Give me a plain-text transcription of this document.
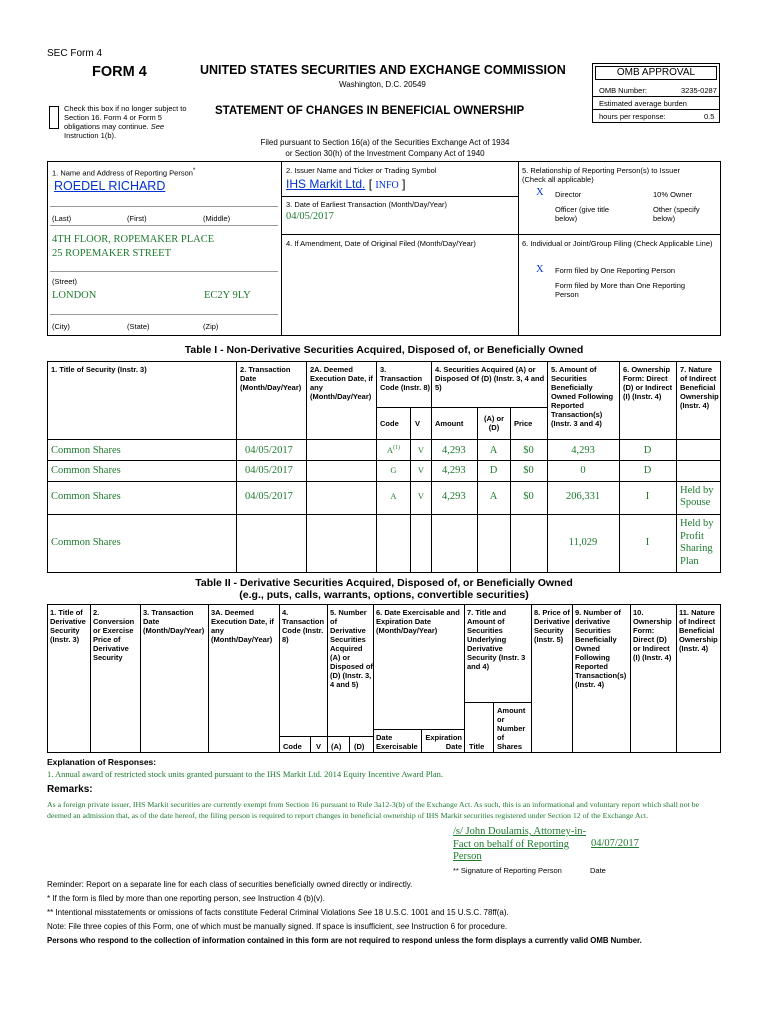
SEC Form 4
FORM 4	UNITED STATES SECURITIES AND EXCHANGE COMMISSION
Washington, D.C. 20549
Check this box if no longer subject to Section 16. Form 4 or Form 5 obligations may continue. See Instruction 1(b).
STATEMENT OF CHANGES IN BENEFICIAL OWNERSHIP
Filed pursuant to Section 16(a) of the Securities Exchange Act of 1934
or Section 30(h) of the Investment Company Act of 1940
OMB APPROVAL
OMB Number:	3235-0287
Estimated average burden
hours per response:	0.5
1. Name and Address of Reporting Person*
ROEDEL RICHARD
(Last)	(First)	(Middle)
4TH FLOOR, ROPEMAKER PLACE
25 ROPEMAKER STREET
(Street)
LONDON	EC2Y 9LY
(City)	(State)	(Zip)
2. Issuer Name and Ticker or Trading Symbol
IHS Markit Ltd. [ INFO ]
3. Date of Earliest Transaction (Month/Day/Year)
04/05/2017
4. If Amendment, Date of Original Filed (Month/Day/Year)
5. Relationship of Reporting Person(s) to Issuer
(Check all applicable)
X Director	10% Owner
Officer (give title below)
Other (specify below)
6. Individual or Joint/Group Filing (Check Applicable Line)
X Form filed by One Reporting Person
Form filed by More than One Reporting Person
Table I - Non-Derivative Securities Acquired, Disposed of, or Beneficially Owned
1. Title of Security (Instr. 3)	2. Transaction Date (Month/Day/Year)
2A. Deemed Execution Date, if any (Month/Day/Year)
3. Transaction Code (Instr. 8)
4. Securities Acquired (A) or Disposed Of (D) (Instr. 3, 4 and 5)
5. Amount of Securities Beneficially Owned Following Reported Transaction(s) (Instr. 3 and 4)
6. Ownership Form: Direct (D) or Indirect (I) (Instr. 4)
7. Nature of Indirect Beneficial Ownership (Instr. 4)
Code V Amount
(A) or (D)	Price
Common Shares	04/05/2017	$A^{(1)}$	V	4,293	A	$0	4,293	D
Common Shares	04/05/2017	G	V	4,293	D	$0	0	D
Common Shares	04/05/2017	A	V	4,293	A	$0	206,331	I
Held by Spouse
Common Shares	11,029	I
Held by Profit Sharing Plan
Table II - Derivative Securities Acquired, Disposed of, or Beneficially Owned
(e.g., puts, calls, warrants, options, convertible securities)
1. Title of Derivative Security (Instr. 3)
2. Conversion or Exercise Price of Derivative Security
3. Transaction Date (Month/Day/Year)
3A. Deemed Execution Date, if any (Month/Day/Year)
4. Transaction Code (Instr. 8)
5. Number of Derivative Securities Acquired (A) or Disposed of (D) (Instr. 3, 4 and 5)
6. Date Exercisable and Expiration Date (Month/Day/Year)
7. Title and Amount of Securities Underlying Derivative Security (Instr. 3 and 4)
8. Price of Derivative Security (Instr. 5)
9. Number of derivative Securities Beneficially Owned Following Reported Transaction(s) (Instr. 4)
10. Ownership Form: Direct (D) or Indirect (I) (Instr. 4)
11. Nature of Indirect Beneficial Ownership (Instr. 4)
Code V (A) (D)
Date Exercisable
Expiration Date Title
Amount or Number of Shares
Explanation of Responses:
1. Annual award of restricted stock units granted pursuant to the IHS Markit Ltd. 2014 Equity Incentive Award Plan.
Remarks:
As a foreign private issuer, IHS Markit securities are currently exempt from Section 16 pursuant to Rule 3a12-3(b) of the Exchange Act. As such, this is an informational and voluntary report which shall not be deemed an admission that, as of the date hereof, the filing person is required to report changes in beneficial ownership of IHS Markit securities registered under Section 12 of the Exchange Act.
/s/ John Doulamis, Attorney-in-Fact on behalf of Reporting Person
04/07/2017
** Signature of Reporting Person	Date
Reminder: Report on a separate line for each class of securities beneficially owned directly or indirectly.
* If the form is filed by more than one reporting person, see Instruction 4 (b)(v).
** Intentional misstatements or omissions of facts constitute Federal Criminal Violations See 18 U.S.C. 1001 and 15 U.S.C. 78ff(a).
Note: File three copies of this Form, one of which must be manually signed. If space is insufficient, see Instruction 6 for procedure.
Persons who respond to the collection of information contained in this form are not required to respond unless the form displays a currently valid OMB Number.
